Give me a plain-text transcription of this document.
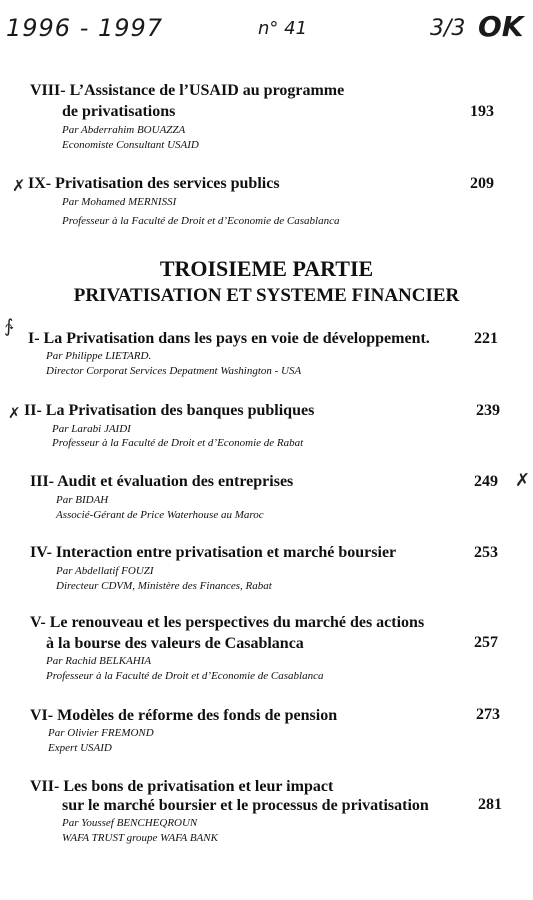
1996 - 1997	n° 41	3/3 OK
VIII- L’Assistance de l’USAID au programme
de privatisations	193
Par Abderrahim BOUAZZA
Economiste Consultant USAID
✗ IX- Privatisation des services publics	209
Par Mohamed MERNISSI
Professeur à la Faculté de Droit et d’Economie de Casablanca
TROISIEME PARTIE
PRIVATISATION ET SYSTEME FINANCIER
∱
I- La Privatisation dans les pays en voie de développement.	221
Par Philippe LIETARD.
Director Corporat Services Depatment Washington - USA
✗ II- La Privatisation des banques publiques	239
Par Larabi JAIDI
Professeur à la Faculté de Droit et d’Economie de Rabat
III- Audit et évaluation des entreprises	249 ✗
Par BIDAH
Associé-Gérant de Price Waterhouse au Maroc
IV- Interaction entre privatisation et marché boursier	253
Par Abdellatif FOUZI
Directeur CDVM, Ministère des Finances, Rabat
V- Le renouveau et les perspectives du marché des actions
à la bourse des valeurs de Casablanca	257
Par Rachid BELKAHIA
Professeur à la Faculté de Droit et d’Economie de Casablanca
VI- Modèles de réforme des fonds de pension	273
Par Olivier FREMOND
Expert USAID
VII- Les bons de privatisation et leur impact
sur le marché boursier et le processus de privatisation	281
Par Youssef BENCHEQROUN
WAFA TRUST groupe WAFA BANK
